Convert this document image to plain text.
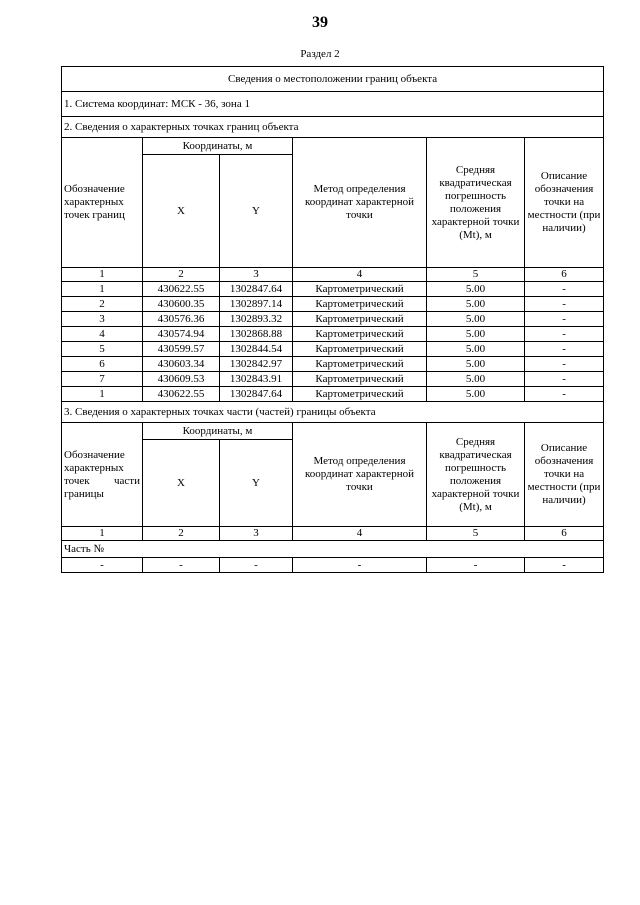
39
Раздел 2
Сведения о местоположении границ объекта					
1. Система координат: МСК - 36, зона 1					
2. Сведения о характерных точках границ объекта					
Обозначение характерных точек границ	Координаты, м		Метод определения координат характерной точки	Средняя квадратическая погрешность положения характерной точки (Mt), м	Описание обозначения точки на местности (при наличии)
	X	Y			
1	2	3	4	5	6
1	430622.55	1302847.64	Картометрический	5.00	-
2	430600.35	1302897.14	Картометрический	5.00	-
3	430576.36	1302893.32	Картометрический	5.00	-
4	430574.94	1302868.88	Картометрический	5.00	-
5	430599.57	1302844.54	Картометрический	5.00	-
6	430603.34	1302842.97	Картометрический	5.00	-
7	430609.53	1302843.91	Картометрический	5.00	-
1	430622.55	1302847.64	Картометрический	5.00	-
3. Сведения о характерных точках части (частей) границы объекта					
Обозначение характерных точек части границы	Координаты, м		Метод определения координат характерной точки	Средняя квадратическая погрешность положения характерной точки (Mt), м	Описание обозначения точки на местности (при наличии)
	X	Y			
1	2	3	4	5	6
Часть №					
-	-	-	-	-	-
